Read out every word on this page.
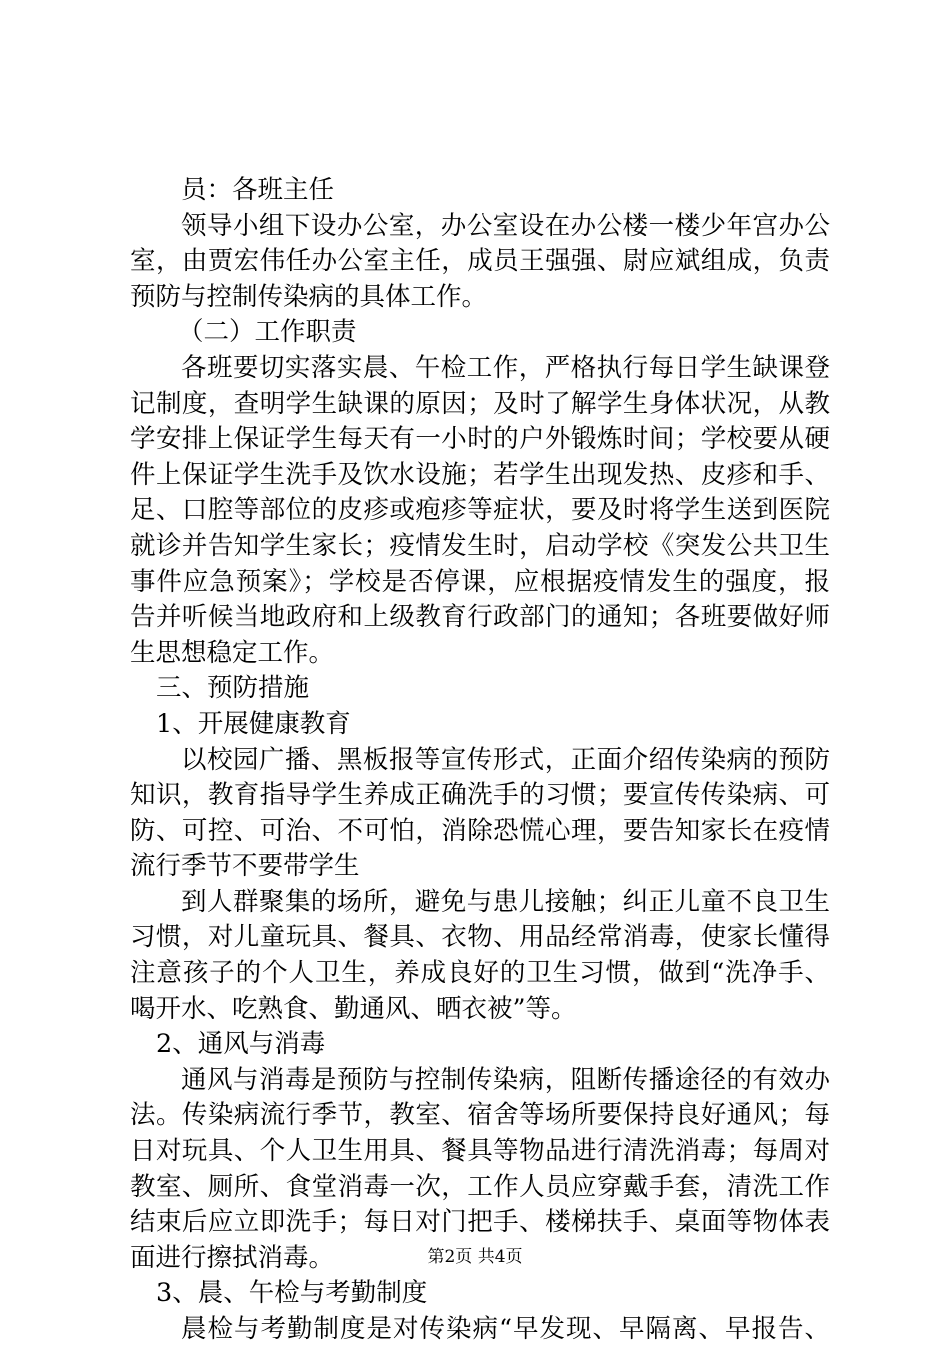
员：各班主任
领导小组下设办公室，办公室设在办公楼一楼少年宫办公
室，由贾宏伟任办公室主任，成员王强强、尉应斌组成，负责
预防与控制传染病的具体工作。
（二）工作职责
各班要切实落实晨、午检工作，严格执行每日学生缺课登
记制度，查明学生缺课的原因；及时了解学生身体状况，从教
学安排上保证学生每天有一小时的户外锻炼时间；学校要从硬
件上保证学生洗手及饮水设施；若学生出现发热、皮疹和手、
足、口腔等部位的皮疹或疱疹等症状，要及时将学生送到医院
就诊并告知学生家长；疫情发生时，启动学校《突发公共卫生
事件应急预案》；学校是否停课，应根据疫情发生的强度，报
告并听候当地政府和上级教育行政部门的通知；各班要做好师
生思想稳定工作。
三、预防措施
1、开展健康教育
以校园广播、黑板报等宣传形式，正面介绍传染病的预防
知识，教育指导学生养成正确洗手的习惯；要宣传传染病、可
防、可控、可治、不可怕，消除恐慌心理，要告知家长在疫情
流行季节不要带学生
到人群聚集的场所，避免与患儿接触；纠正儿童不良卫生
习惯，对儿童玩具、餐具、衣物、用品经常消毒，使家长懂得
注意孩子的个人卫生，养成良好的卫生习惯，做到“洗净手、
喝开水、吃熟食、勤通风、晒衣被”等。
2、通风与消毒
通风与消毒是预防与控制传染病，阻断传播途径的有效办
法。传染病流行季节，教室、宿舍等场所要保持良好通风；每
日对玩具、个人卫生用具、餐具等物品进行清洗消毒；每周对
教室、厕所、食堂消毒一次，工作人员应穿戴手套，清洗工作
结束后应立即洗手；每日对门把手、楼梯扶手、桌面等物体表
面进行擦拭消毒。
3、晨、午检与考勤制度
晨检与考勤制度是对传染病“早发现、早隔离、早报告、
第2页 共4页
